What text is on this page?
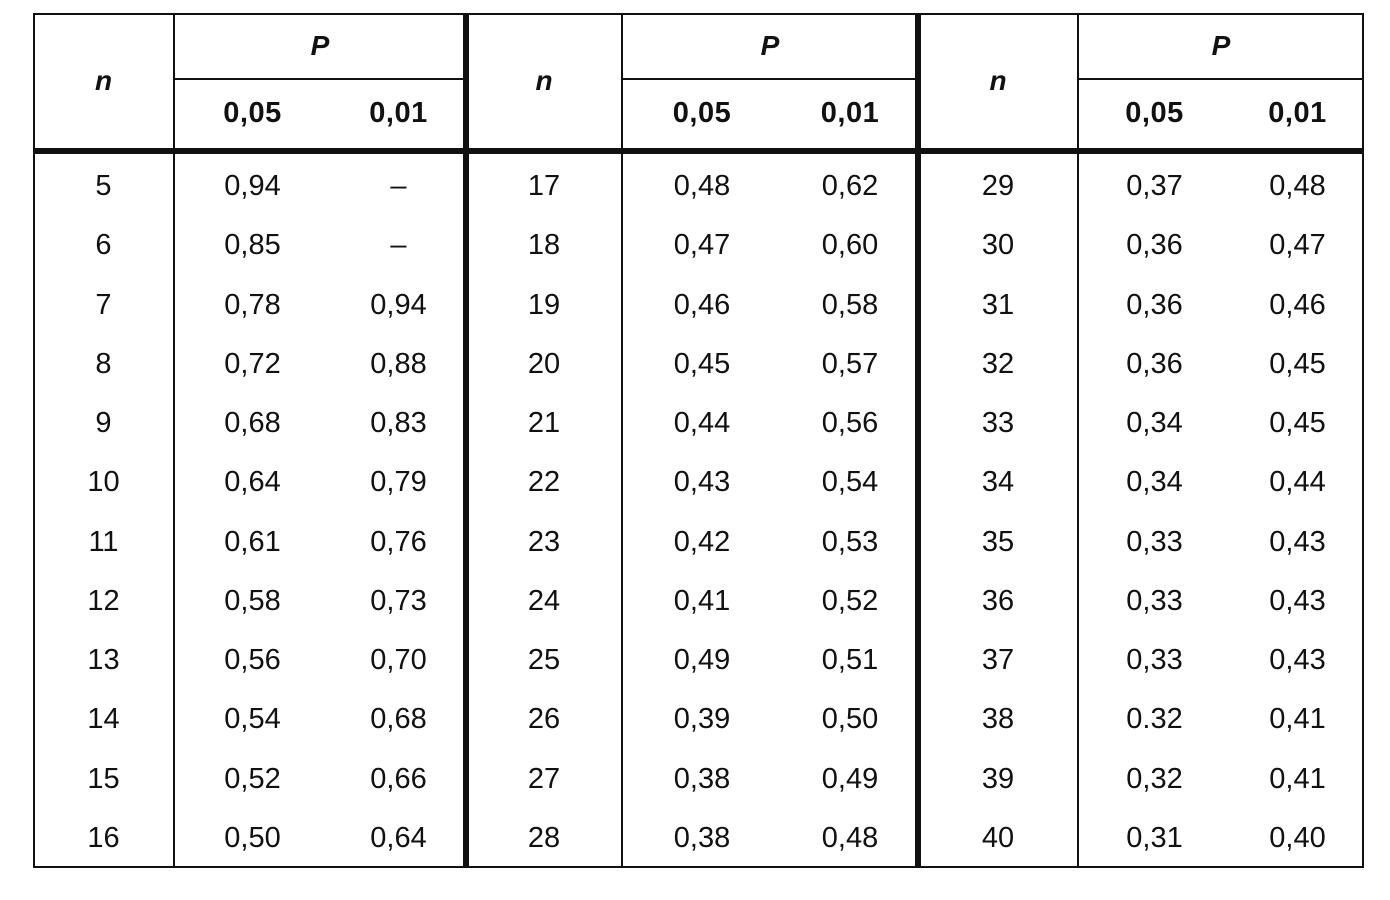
n
P
0,05	0,01
5	0,94	–
6	0,85	–
7	0,78	0,94
8	0,72	0,88
9	0,68	0,83
10	0,64	0,79
11	0,61	0,76
12	0,58	0,73
13	0,56	0,70
14	0,54	0,68
15	0,52	0,66
16	0,50	0,64
n
P
0,05	0,01
17	0,48	0,62
18	0,47	0,60
19	0,46	0,58
20	0,45	0,57
21	0,44	0,56
22	0,43	0,54
23	0,42	0,53
24	0,41	0,52
25	0,49	0,51
26	0,39	0,50
27	0,38	0,49
28	0,38	0,48
n
P
0,05	0,01
29	0,37	0,48
30	0,36	0,47
31	0,36	0,46
32	0,36	0,45
33	0,34	0,45
34	0,34	0,44
35	0,33	0,43
36	0,33	0,43
37	0,33	0,43
38	0.32	0,41
39	0,32	0,41
40	0,31	0,40
